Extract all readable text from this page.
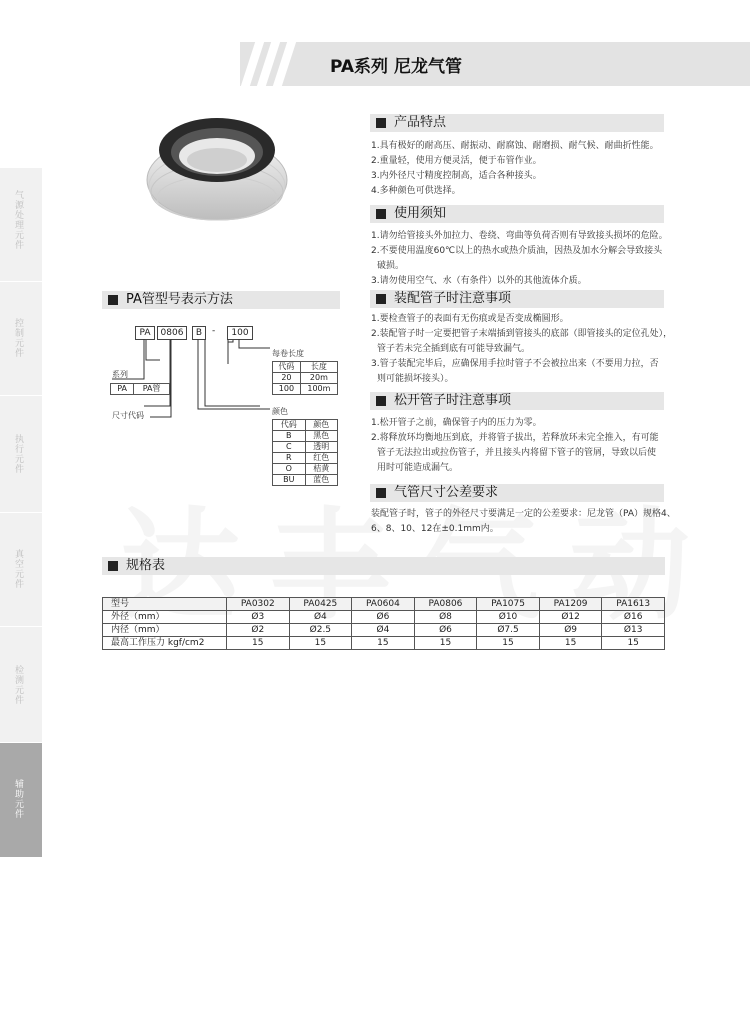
PA系列 尼龙气管
气源处理元件
控制元件
执行元件
真空元件
检测元件
辅助元件
PA管型号表示方法
PA	0806	B	-	100
每卷长度
代码	长度
20	20m
100	100m
系列
PA	PA管
尺寸代码	颜色
代码	颜色
B	黑色
C	透明
R	红色
O	桔黄
BU	蓝色
产品特点
1.具有极好的耐高压、耐振动、耐腐蚀、耐磨损、耐气候、耐曲折性能。
2.重量轻，使用方便灵活，便于布管作业。
3.内外径尺寸精度控制高，适合各种接头。
4.多种颜色可供选择。
使用须知
1.请勿给管接头外加拉力、卷绕、弯曲等负荷否则有导致接头损坏的危险。
2.不要使用温度60℃以上的热水或热介质油，因热及加水分解会导致接头
破损。
3.请勿使用空气、水（有条件）以外的其他流体介质。
装配管子时注意事项
1.要检查管子的表面有无伤痕或是否变成椭圆形。
2.装配管子时一定要把管子末端插到管接头的底部（即管接头的定位孔处），
管子若未完全插到底有可能导致漏气。
3.管子装配完毕后，应确保用手拉时管子不会被拉出来（不要用力拉，否
则可能损坏接头）。
松开管子时注意事项
1.松开管子之前，确保管子内的压力为零。
2.将释放环均衡地压到底，并将管子拔出，若释放环未完全推入，有可能
管子无法拉出或拉伤管子，并且接头内将留下管子的管屑，导致以后使
用时可能造成漏气。
气管尺寸公差要求
装配管子时，管子的外径尺寸要满足一定的公差要求：尼龙管（PA）规格4、
6、8、10、12在±0.1mm内。
规格表
型号	PA0302	PA0425	PA0604	PA0806	PA1075	PA1209	PA1613
外径（mm）	Ø3	Ø4	Ø6	Ø8	Ø10	Ø12	Ø16
内径（mm）	Ø2	Ø2.5	Ø4	Ø6	Ø7.5	Ø9	Ø13
最高工作压力 kgf/cm2	15	15	15	15	15	15	15
